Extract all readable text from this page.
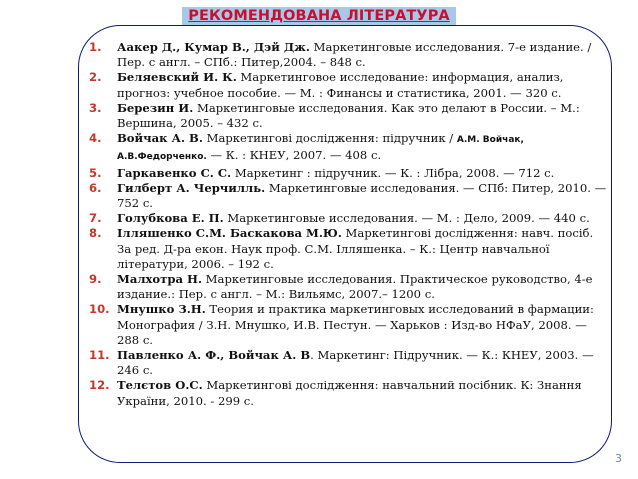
РЕКОМЕНДОВАНА ЛІТЕРАТУРА
1. Аакер Д., Кумар В., Дэй Дж. Маркетинговые исследования. 7-е издание. / Пер. с англ. – СПб.: Питер,2004. – 848 с.
2. Беляевский И. К. Маркетинговое исследование: информация, анализ, прогноз: учебное пособие. — М. : Финансы и статистика, 2001. — 320 с.
3. Березин И. Маркетинговые исследования. Как это делают в России. – М.: Вершина, 2005. – 432 с.
4. Войчак А. В. Маркетингові дослідження: підручник / А.М. Войчак, А.В.Федорченко. — К. : КНЕУ, 2007. — 408 с.
5. Гаркавенко С. С. Маркетинг : підручник. — К. : Лібра, 2008. — 712 с.
6. Гилберт А. Черчилль. Маркетинговые исследования. — СПб: Питер, 2010. — 752 с.
7. Голубкова Е. П. Маркетинговые исследования. — М. : Дело, 2009. — 440 с.
8. Ілляшенко С.М. Баскакова М.Ю. Маркетингові дослідження: навч. посіб. За ред. Д-ра екон. Наук проф. С.М. Ілляшенка. – К.: Центр навчальної літератури, 2006. – 192 с.
9. Малхотра Н. Маркетинговые исследования. Практическое руководство, 4-е издание.: Пер. с англ. – М.: Вильямс, 2007.– 1200 с.
10. Мнушко З.Н. Теория и практика маркетинговых исследований в фармации: Монография / З.Н. Мнушко, И.В. Пестун. — Харьков : Изд-во НФаУ, 2008. — 288 с.
11. Павленко А. Ф., Войчак А. В. Маркетинг: Підручник. — К.: КНЕУ, 2003. — 246 с.
12. Телєтов О.С. Маркетингові дослідження: навчальний посібник. К: Знання України, 2010. - 299 с.
3
